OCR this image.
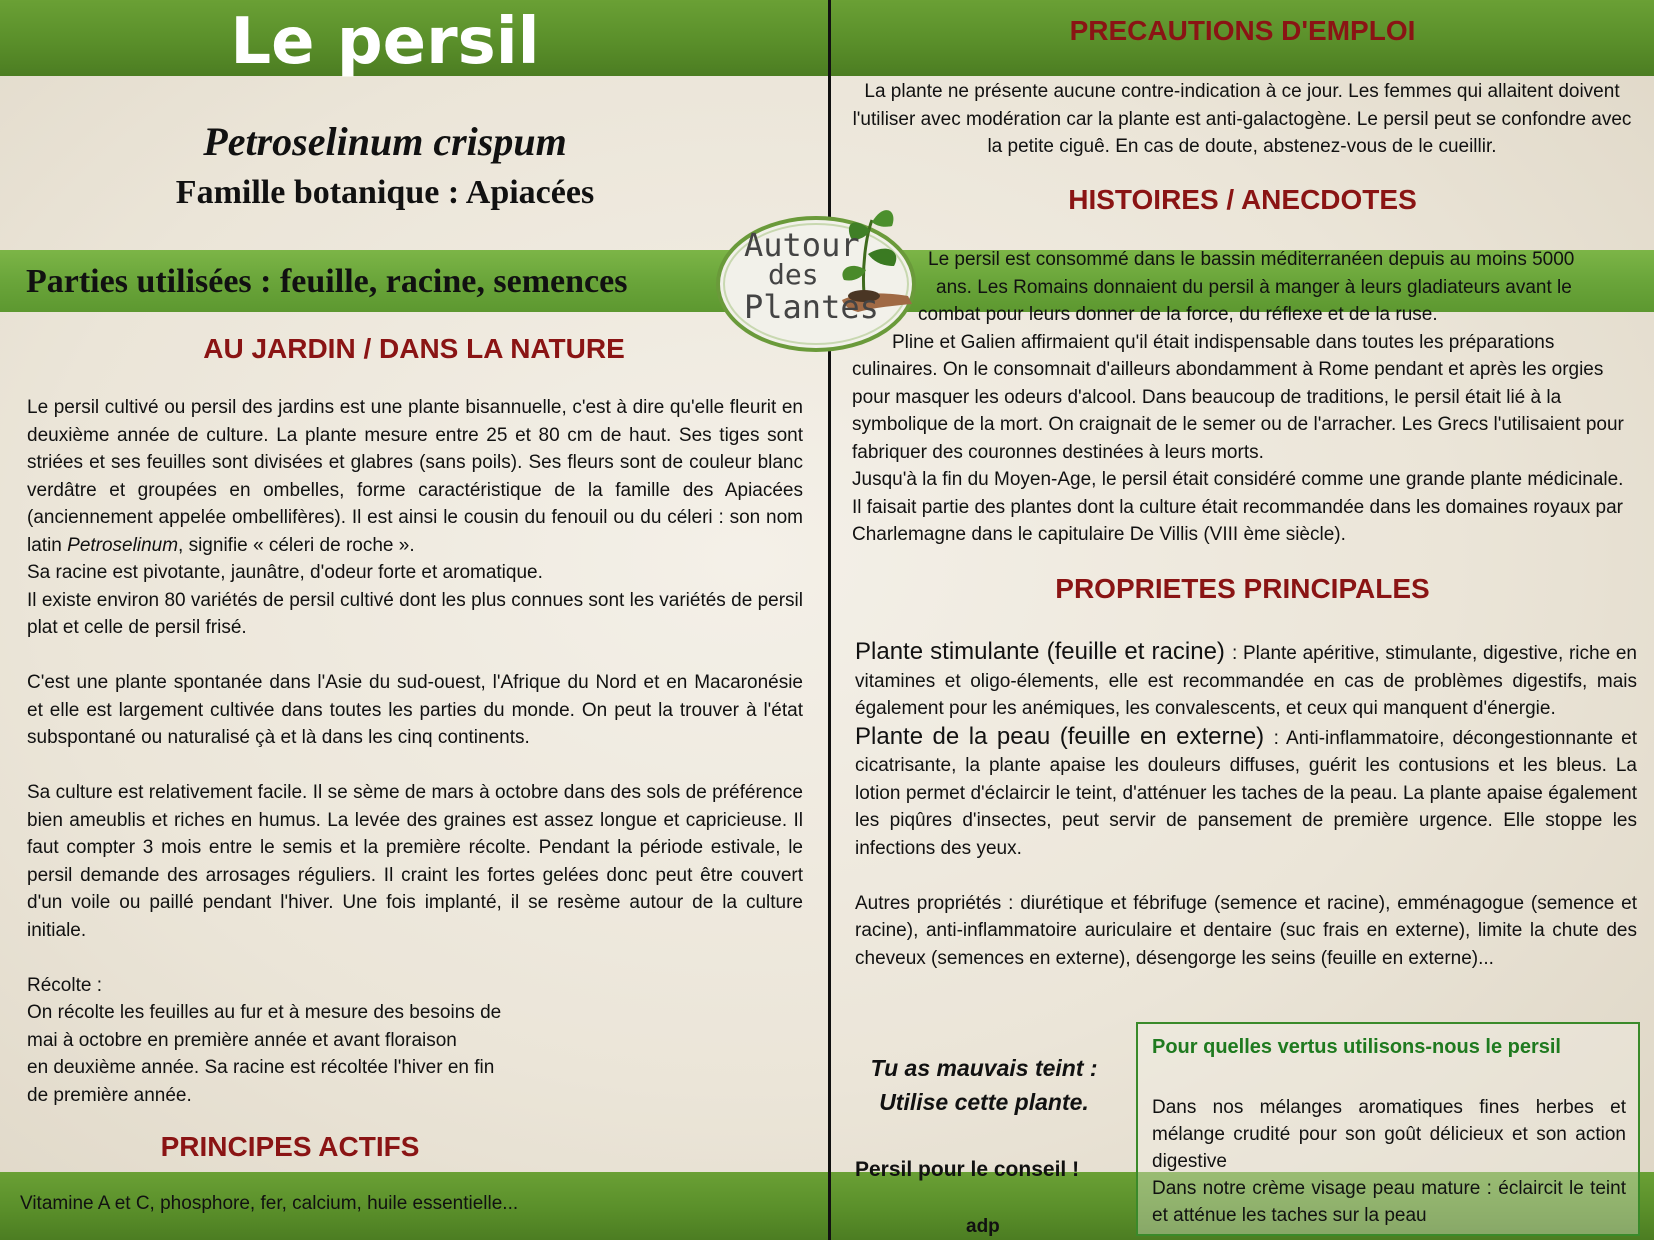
Le persil
Petroselinum crispum
Famille botanique : Apiacées
Parties utilisées : feuille, racine, semences
Autour
des
Plantes
AU JARDIN / DANS LA NATURE

Le persil cultivé ou persil des jardins est une plante bisannuelle, c'est à dire qu'elle fleurit en deuxième année de culture. La plante mesure entre 25 et 80 cm de haut. Ses tiges sont striées et ses feuilles sont divisées et glabres (sans poils). Ses fleurs sont de couleur blanc verdâtre et groupées en ombelles, forme caractéristique de la famille des Apiacées (anciennement appelée ombellifères). Il est ainsi le cousin du fenouil ou du céleri : son nom latin Petroselinum, signifie « céleri de roche ».

Sa racine est pivotante, jaunâtre, d'odeur forte et aromatique.

Il existe environ 80 variétés de persil cultivé dont les plus connues sont les variétés de persil plat et celle de persil frisé.

C'est une plante spontanée dans l'Asie du sud-ouest, l'Afrique du Nord et en Macaronésie et elle est largement cultivée dans toutes les parties du monde. On peut la trouver à l'état subspontané ou naturalisé çà et là dans les cinq continents.

Sa culture est relativement facile. Il se sème de mars à octobre dans des sols de préférence bien ameublis et riches en humus. La levée des graines est assez longue et capricieuse. Il faut compter 3 mois entre le semis et la première récolte. Pendant la période estivale, le persil demande des arrosages réguliers. Il craint les fortes gelées donc peut être couvert d'un voile ou paillé pendant l'hiver. Une fois implanté, il se resème autour de la culture initiale.

Récolte :

On récolte les feuilles au fur et à mesure des besoins de

mai à octobre en première année et avant floraison

en deuxième année. Sa racine est récoltée l'hiver en fin

de première année.

PRINCIPES ACTIFS
Vitamine A et C, phosphore, fer, calcium, huile essentielle...
PRECAUTIONS D'EMPLOI
La plante ne présente aucune contre-indication à ce jour. Les femmes qui allaitent doivent l'utiliser avec modération car la plante est anti-galactogène. Le persil peut se confondre avec la petite ciguê. En cas de doute, abstenez-vous de le cueillir.
HISTOIRES / ANECDOTES

Le persil est consommé dans le bassin méditerranéen depuis au moins 5000

ans. Les Romains donnaient du persil à manger à leurs gladiateurs avant le

combat pour leurs donner de la force, du réflexe et de la ruse.

Pline et Galien affirmaient qu'il était indispensable dans toutes les préparations culinaires. On le consomnait d'ailleurs abondamment à Rome pendant et après les orgies pour masquer les odeurs d'alcool. Dans beaucoup de traditions, le persil était lié à la symbolique de la mort. On craignait de le semer ou de l'arracher. Les Grecs l'utilisaient pour fabriquer des couronnes destinées à leurs morts.

Jusqu'à la fin du Moyen-Age, le persil était considéré comme une grande plante médicinale. Il faisait partie des plantes dont la culture était recommandée dans les domaines royaux par Charlemagne dans le capitulaire De Villis (VIII ème siècle).

PROPRIETES PRINCIPALES

Plante stimulante (feuille et racine) : Plante apéritive, stimulante, digestive, riche en vitamines et oligo-élements, elle est recommandée en cas de problèmes digestifs, mais également pour les anémiques, les convalescents, et ceux qui manquent d'énergie.

Plante de la peau (feuille en externe) : Anti-inflammatoire, décongestionnante et cicatrisante, la plante apaise les douleurs diffuses, guérit les contusions et les bleus. La lotion permet d'éclaircir le teint, d'atténuer les taches de la peau. La plante apaise également les piqûres d'insectes, peut servir de pansement de première urgence. Elle stoppe les infections des yeux.

Autres propriétés : diurétique et fébrifuge (semence et racine), emménagogue (semence et racine), anti-inflammatoire auriculaire et dentaire (suc frais en externe), limite la chute des cheveux (semences en externe), désengorge les seins (feuille en externe)...

Tu as mauvais teint :
Utilise cette plante.
Persil pour le conseil !
adp
Pour quelles vertus utilisons-nous le persil

Dans nos mélanges aromatiques fines herbes et mélange crudité pour son goût délicieux et son action digestive

Dans notre crème visage peau mature : éclaircit le teint et atténue les taches sur la peau
